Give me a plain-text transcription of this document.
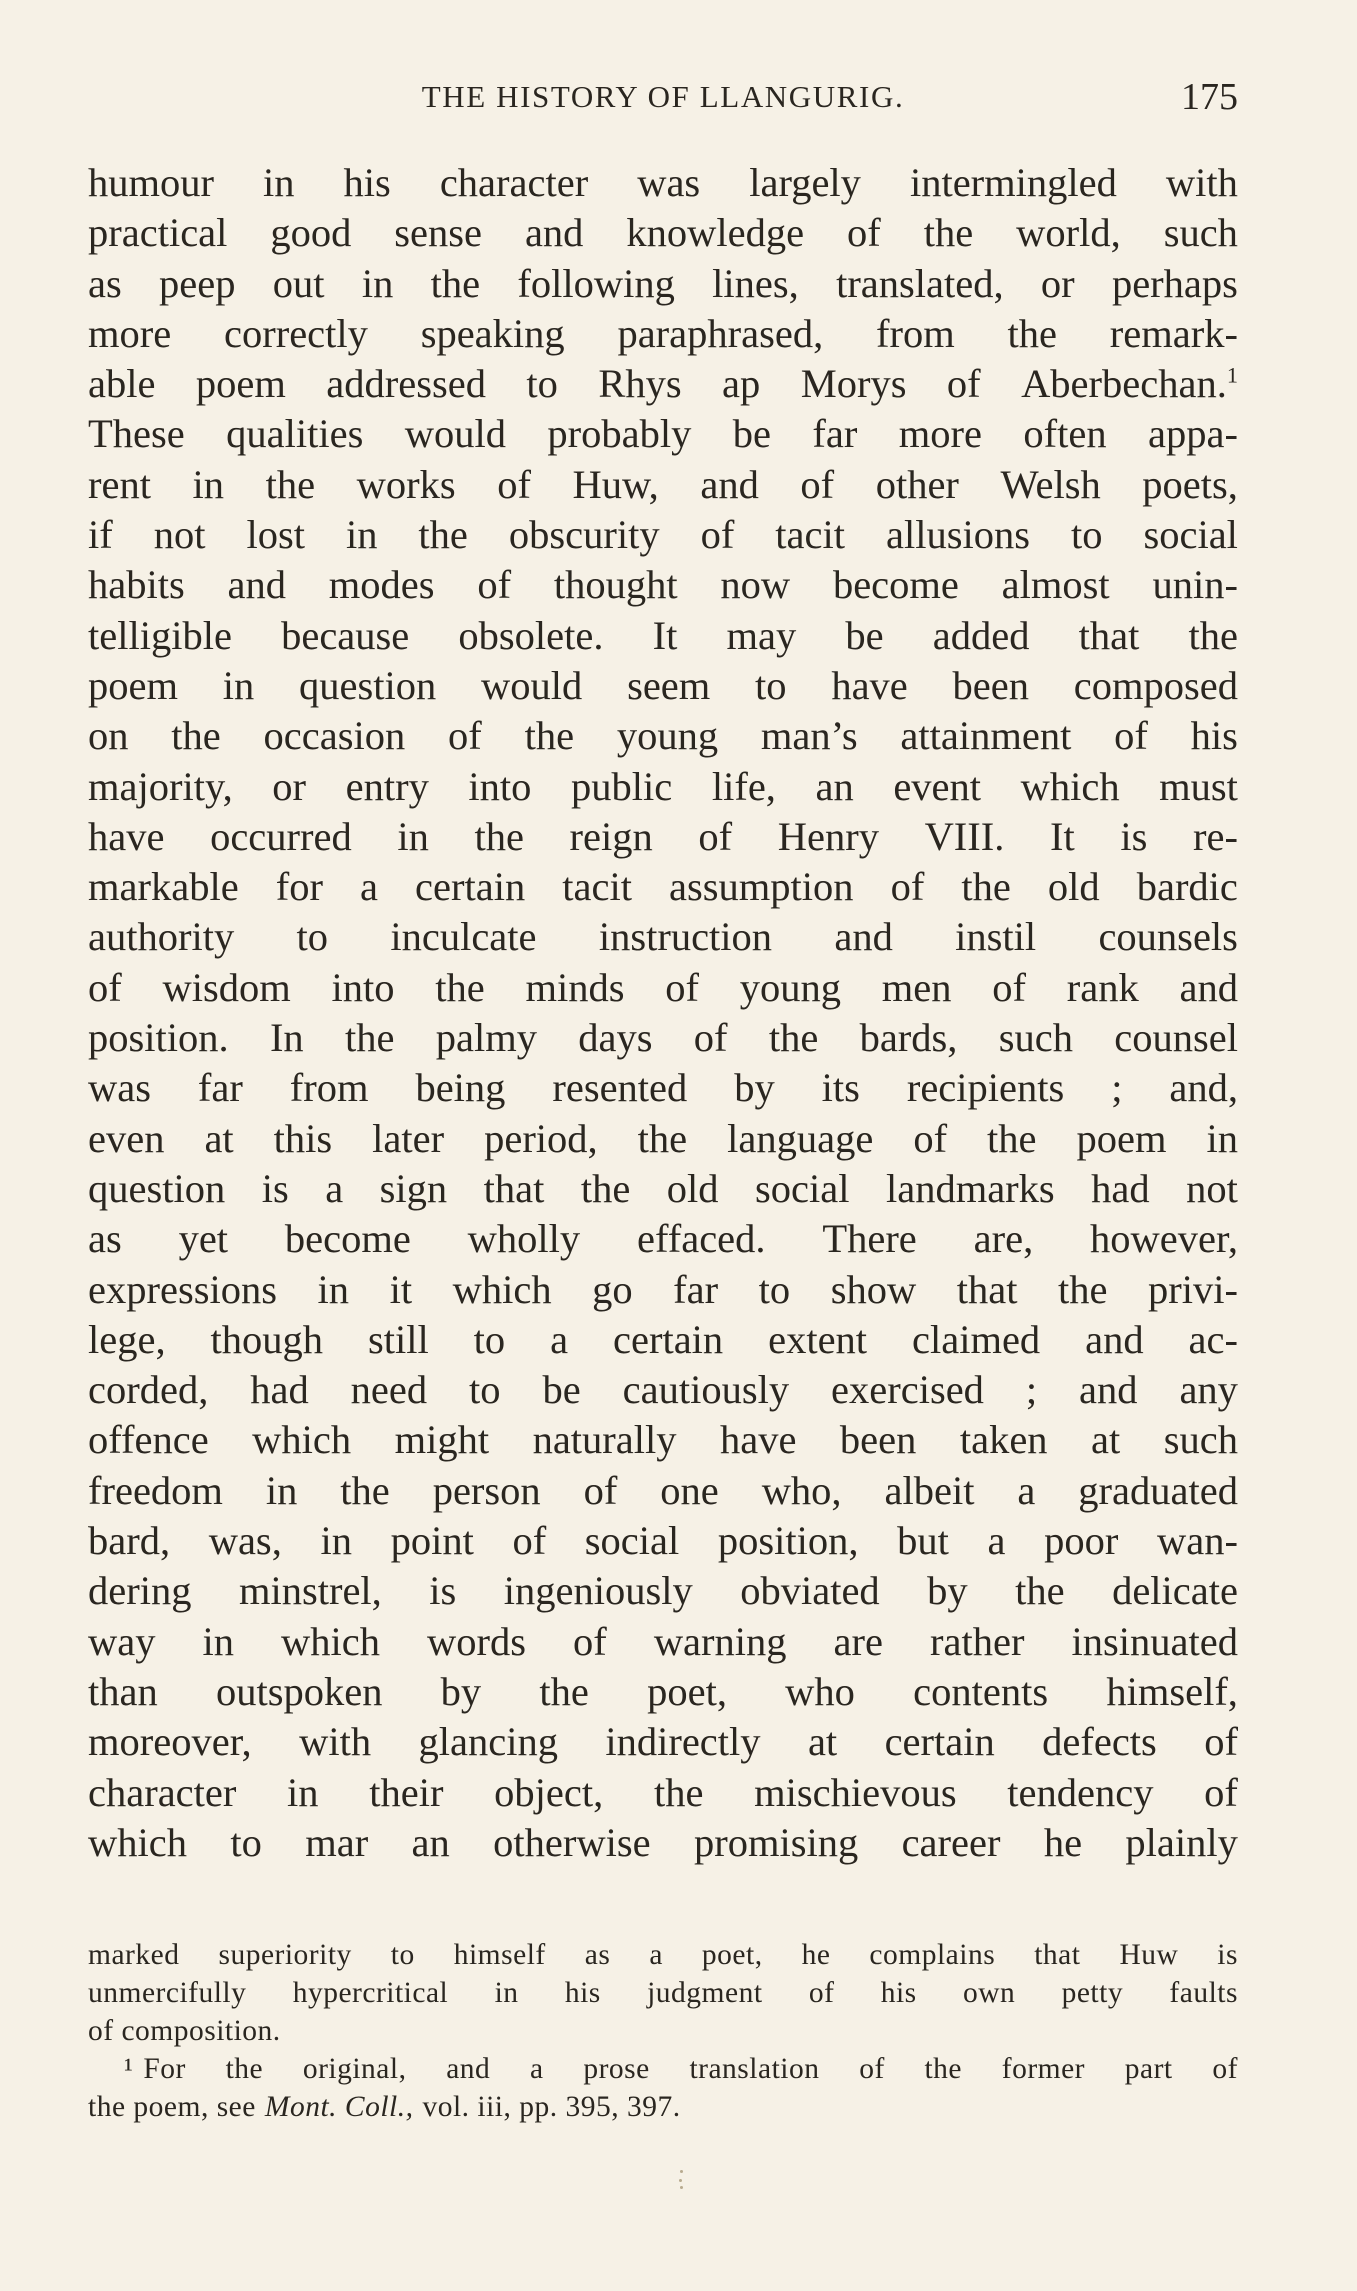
THE HISTORY OF LLANGURIG.	175
humour in his character was largely intermingled with
practical good sense and knowledge of the world, such
as peep out in the following lines, translated, or perhaps
more correctly speaking paraphrased, from the remark-
able poem addressed to Rhys ap Morys of Aberbechan.$^1$
These qualities would probably be far more often appa-
rent in the works of Huw, and of other Welsh poets,
if not lost in the obscurity of tacit allusions to social
habits and modes of thought now become almost unin-
telligible because obsolete. It may be added that the
poem in question would seem to have been composed
on the occasion of the young man’s attainment of his
majority, or entry into public life, an event which must
have occurred in the reign of Henry VIII. It is re-
markable for a certain tacit assumption of the old bardic
authority to inculcate instruction and instil counsels
of wisdom into the minds of young men of rank and
position. In the palmy days of the bards, such counsel
was far from being resented by its recipients ; and,
even at this later period, the language of the poem in
question is a sign that the old social landmarks had not
as yet become wholly effaced. There are, however,
expressions in it which go far to show that the privi-
lege, though still to a certain extent claimed and ac-
corded, had need to be cautiously exercised ; and any
offence which might naturally have been taken at such
freedom in the person of one who, albeit a graduated
bard, was, in point of social position, but a poor wan-
dering minstrel, is ingeniously obviated by the delicate
way in which words of warning are rather insinuated
than outspoken by the poet, who contents himself,
moreover, with glancing indirectly at certain defects of
character in their object, the mischievous tendency of
which to mar an otherwise promising career he plainly
marked superiority to himself as a poet, he complains that Huw is
unmercifully hypercritical in his judgment of his own petty faults
of composition.
¹ For the original, and a prose translation of the former part of
the poem, see Mont. Coll., vol. iii, pp. 395, 397.
